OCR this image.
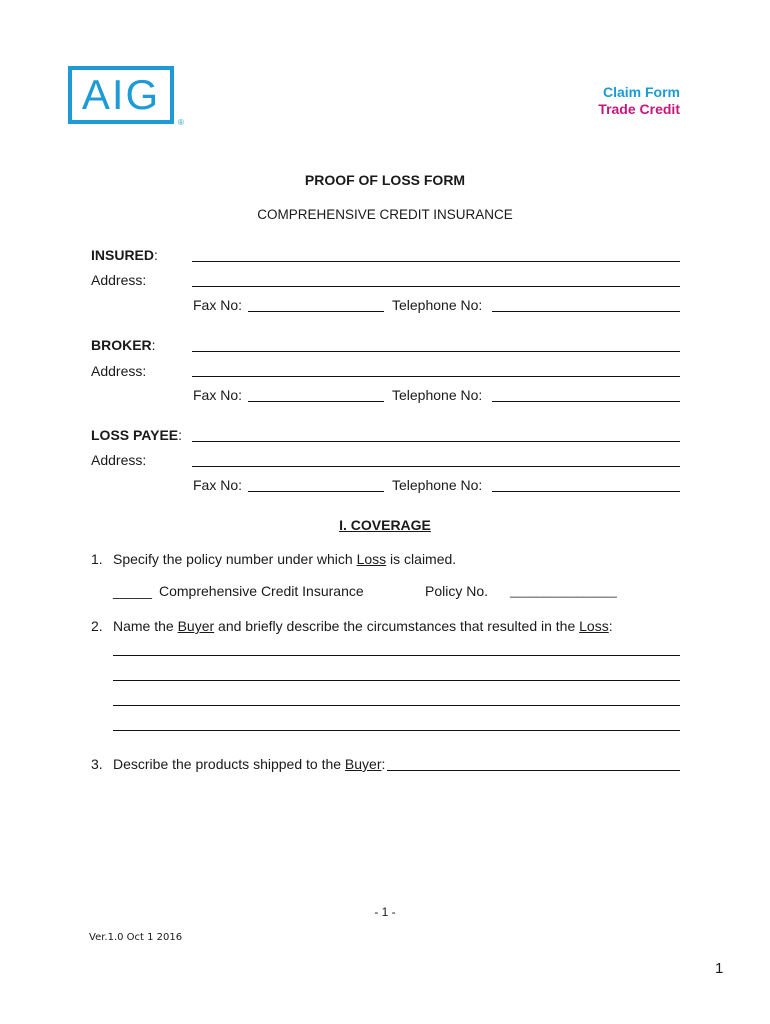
AIG
®
Claim Form
Trade Credit
PROOF OF LOSS FORM
COMPREHENSIVE CREDIT INSURANCE
INSURED:
Address:
Fax No:	Telephone No:
BROKER:
Address:
Fax No:	Telephone No:
LOSS PAYEE:
Address:
Fax No:	Telephone No:
I. COVERAGE
1. Specify the policy number under which Loss is claimed.
_____ Comprehensive Credit Insurance	Policy No. ________________
2. Name the Buyer and briefly describe the circumstances that resulted in the Loss:
3. Describe the products shipped to the Buyer:
- 1 -
Ver.1.0 Oct 1 2016
1
